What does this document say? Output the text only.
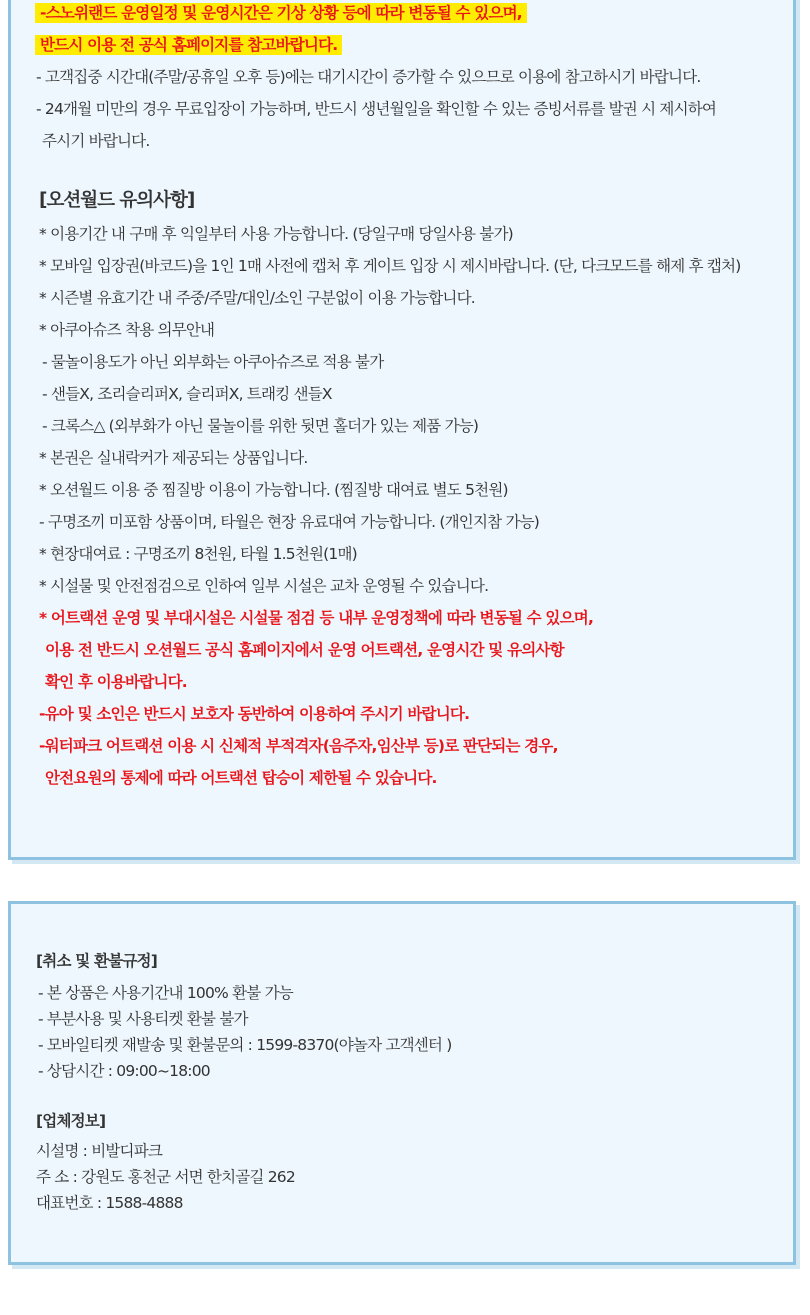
-스노위랜드 운영일정 및 운영시간은 기상 상황 등에 따라 변동될 수 있으며,
반드시 이용 전 공식 홈페이지를 참고바랍니다.
- 고객집중 시간대(주말/공휴일 오후 등)에는 대기시간이 증가할 수 있으므로 이용에 참고하시기 바랍니다.
- 24개월 미만의 경우 무료입장이 가능하며, 반드시 생년월일을 확인할 수 있는 증빙서류를 발권 시 제시하여
주시기 바랍니다.
[오션월드 유의사항]
* 이용기간 내 구매 후 익일부터 사용 가능합니다. (당일구매 당일사용 불가)
* 모바일 입장권(바코드)을 1인 1매 사전에 캡처 후 게이트 입장 시 제시바랍니다. (단, 다크모드를 해제 후 캡처)
* 시즌별 유효기간 내 주중/주말/대인/소인 구분없이 이용 가능합니다.
* 아쿠아슈즈 착용 의무안내
- 물놀이용도가 아닌 외부화는 아쿠아슈즈로 적용 불가
- 샌들X, 조리슬리퍼X, 슬리퍼X, 트래킹 샌들X
- 크록스△ (외부화가 아닌 물놀이를 위한 뒷면 홀더가 있는 제품 가능)
* 본권은 실내락커가 제공되는 상품입니다.
* 오션월드 이용 중 찜질방 이용이 가능합니다. (찜질방 대여료 별도 5천원)
- 구명조끼 미포함 상품이며, 타월은 현장 유료대여 가능합니다. (개인지참 가능)
* 현장대여료 : 구명조끼 8천원, 타월 1.5천원(1매)
* 시설물 및 안전점검으로 인하여 일부 시설은 교차 운영될 수 있습니다.
* 어트랙션 운영 및 부대시설은 시설물 점검 등 내부 운영정책에 따라 변동될 수 있으며,
이용 전 반드시 오션월드 공식 홈페이지에서 운영 어트랙션, 운영시간 및 유의사항
확인 후 이용바랍니다.
-유아 및 소인은 반드시 보호자 동반하여 이용하여 주시기 바랍니다.
-워터파크 어트랙션 이용 시 신체적 부적격자(음주자,임산부 등)로 판단되는 경우,
안전요원의 통제에 따라 어트랙션 탑승이 제한될 수 있습니다.
[취소 및 환불규정]
- 본 상품은 사용기간내 100% 환불 가능
- 부분사용 및 사용티켓 환불 불가
- 모바일티켓 재발송 및 환불문의 : 1599-8370(야놀자 고객센터 )
- 상담시간 : 09:00~18:00
[업체정보]
시설명 : 비발디파크
주 소 : 강원도 홍천군 서면 한치골길 262
대표번호 : 1588-4888
